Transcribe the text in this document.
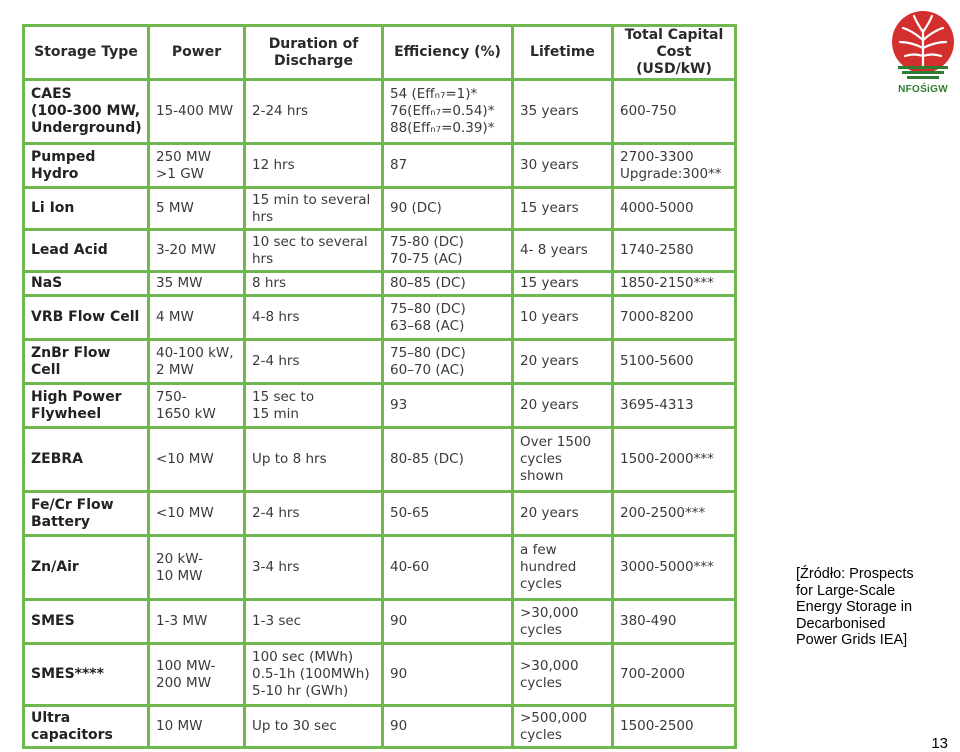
Storage Type	Power	Duration of
Discharge	Efficiency (%)	Lifetime	Total Capital
Cost (USD/kW)

CAES
(100-300 MW,
Underground)	15-400 MW	2-24 hrs	54 (Effₙ₇=1)*
76(Effₙ₇=0.54)*
88(Effₙ₇=0.39)*	35 years	600-750

Pumped
Hydro	250 MW
>1 GW	12 hrs	87	30 years	2700-3300
Upgrade:300**

Li Ion	5 MW	15 min to several
hrs	90 (DC)	15 years	4000-5000

Lead Acid	3-20 MW	10 sec to several
hrs	75-80 (DC)
70-75 (AC)	4- 8 years	1740-2580

NaS	35 MW	8 hrs	80–85 (DC)	15 years	1850-2150***

VRB Flow Cell	4 MW	4-8 hrs	75–80 (DC)
63–68 (AC)	10 years	7000-8200

ZnBr Flow
Cell	40-100 kW,
2 MW	2-4 hrs	75–80 (DC)
60–70 (AC)	20 years	5100-5600

High Power
Flywheel	750-
1650 kW	15 sec to
15 min	93	20 years	3695-4313

ZEBRA	<10 MW	Up to 8 hrs	80-85 (DC)	Over 1500
cycles
shown	1500-2000***

Fe/Cr Flow
Battery	<10 MW	2-4 hrs	50-65	20 years	200-2500***

Zn/Air	20 kW-
10 MW	3-4 hrs	40-60	a few
hundred
cycles	3000-5000***

SMES	1-3 MW	1-3 sec	90	>30,000
cycles	380-490

SMES****	100 MW-
200 MW	100 sec (MWh)
0.5-1h (100MWh)
5-10 hr (GWh)	90	>30,000
cycles	700-2000

Ultra
capacitors	10 MW	Up to 30 sec	90	>500,000
cycles	1500-2500
[Źródło: Prospects
for Large-Scale
Energy Storage in
Decarbonised
Power Grids IEA]
13
NFOŚiGW
